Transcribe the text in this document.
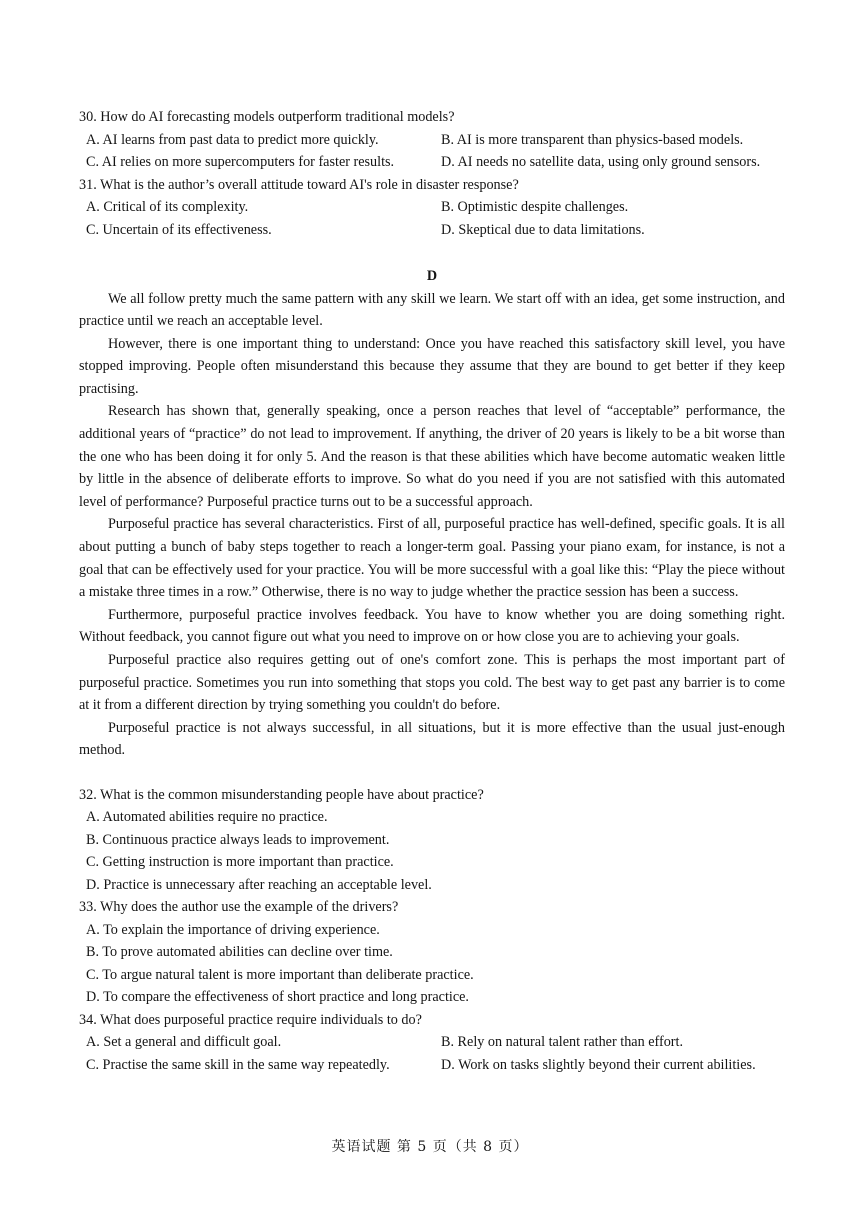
30. How do AI forecasting models outperform traditional models?

A. AI learns from past data to predict more quickly.	B. AI is more transparent than physics-based models.
C. AI relies on more supercomputers for faster results.	D. AI needs no satellite data, using only ground sensors.

31. What is the author’s overall attitude toward AI's role in disaster response?

A. Critical of its complexity.	B. Optimistic despite challenges.
C. Uncertain of its effectiveness.	D. Skeptical due to data limitations.
D

We all follow pretty much the same pattern with any skill we learn. We start off with an idea, get some instruction, and practice until we reach an acceptable level.

However, there is one important thing to understand: Once you have reached this satisfactory skill level, you have stopped improving. People often misunderstand this because they assume that they are bound to get better if they keep practising.

Research has shown that, generally speaking, once a person reaches that level of “acceptable” performance, the additional years of “practice” do not lead to improvement. If anything, the driver of 20 years is likely to be a bit worse than the one who has been doing it for only 5. And the reason is that these abilities which have become automatic weaken little by little in the absence of deliberate efforts to improve. So what do you need if you are not satisfied with this automated level of performance? Purposeful practice turns out to be a successful approach.

Purposeful practice has several characteristics. First of all, purposeful practice has well-defined, specific goals. It is all about putting a bunch of baby steps together to reach a longer-term goal. Passing your piano exam, for instance, is not a goal that can be effectively used for your practice. You will be more successful with a goal like this: “Play the piece without a mistake three times in a row.” Otherwise, there is no way to judge whether the practice session has been a success.

Furthermore, purposeful practice involves feedback. You have to know whether you are doing something right. Without feedback, you cannot figure out what you need to improve on or how close you are to achieving your goals.

Purposeful practice also requires getting out of one's comfort zone. This is perhaps the most important part of purposeful practice. Sometimes you run into something that stops you cold. The best way to get past any barrier is to come at it from a different direction by trying something you couldn't do before.

Purposeful practice is not always successful, in all situations, but it is more effective than the usual just-enough method.

32. What is the common misunderstanding people have about practice?

A. Automated abilities require no practice.
B. Continuous practice always leads to improvement.
C. Getting instruction is more important than practice.
D. Practice is unnecessary after reaching an acceptable level.

33. Why does the author use the example of the drivers?

A. To explain the importance of driving experience.
B. To prove automated abilities can decline over time.
C. To argue natural talent is more important than deliberate practice.
D. To compare the effectiveness of short practice and long practice.

34. What does purposeful practice require individuals to do?

A. Set a general and difficult goal.	B. Rely on natural talent rather than effort.
C. Practise the same skill in the same way repeatedly.	D. Work on tasks slightly beyond their current abilities.
英语试题 第 5 页（共 8 页）
